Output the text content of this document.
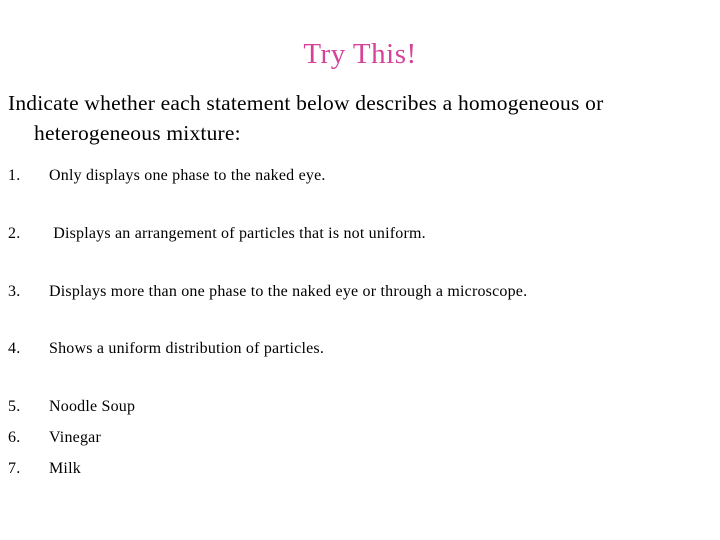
Try This!
Indicate whether each statement below describes a homogeneous or heterogeneous mixture:
1. Only displays one phase to the naked eye.
2. Displays an arrangement of particles that is not uniform.
3. Displays more than one phase to the naked eye or through a microscope.
4. Shows a uniform distribution of particles.
5. Noodle Soup
6. Vinegar
7. Milk
